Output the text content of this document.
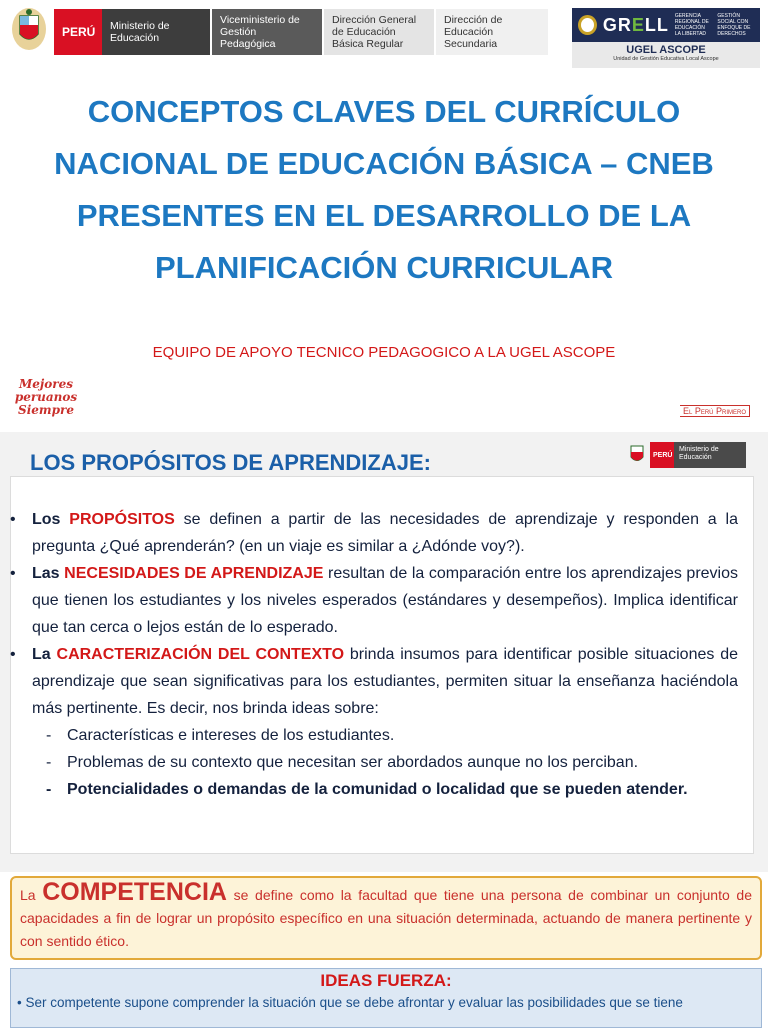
PERÚ	Ministerio de Educación
Viceministerio de Gestión Pedagógica
Dirección General de Educación Básica Regular
Dirección de Educación Secundaria
GRELL GERENCIA REGIONAL DE EDUCACIÓN LA LIBERTAD
GESTIÓN SOCIAL CON ENFOQUE DE DERECHOS
UGEL ASCOPE
Unidad de Gestión Educativa Local Ascope
CONCEPTOS CLAVES DEL CURRÍCULO NACIONAL DE EDUCACIÓN BÁSICA – CNEB PRESENTES EN EL DESARROLLO DE LA PLANIFICACIÓN CURRICULAR
EQUIPO DE APOYO TECNICO PEDAGOGICO A LA UGEL ASCOPE
Mejores peruanos Siempre	El Perú Primero
LOS PROPÓSITOS DE APRENDIZAJE:	PERÚ
Ministerio de Educación
• Los PROPÓSITOS se definen a partir de las necesidades de aprendizaje y responden a la pregunta ¿Qué aprenderán? (en un viaje es similar a ¿Adónde voy?).
• Las NECESIDADES DE APRENDIZAJE resultan de la comparación entre los aprendizajes previos que tienen los estudiantes y los niveles esperados (estándares y desempeños). Implica identificar que tan cerca o lejos están de lo esperado.
• La CARACTERIZACIÓN DEL CONTEXTO brinda insumos para identificar posible situaciones de aprendizaje que sean significativas para los estudiantes, permiten situar la enseñanza haciéndola más pertinente. Es decir, nos brinda ideas sobre:
- Características e intereses de los estudiantes.
- Problemas de su contexto que necesitan ser abordados aunque no los perciban.
- Potencialidades o demandas de la comunidad o localidad que se pueden atender.
La COMPETENCIA se define como la facultad que tiene una persona de combinar un conjunto de capacidades a fin de lograr un propósito específico en una situación determinada, actuando de manera pertinente y con sentido ético.
IDEAS FUERZA:
• Ser competente supone comprender la situación que se debe afrontar y evaluar las posibilidades que se tiene
